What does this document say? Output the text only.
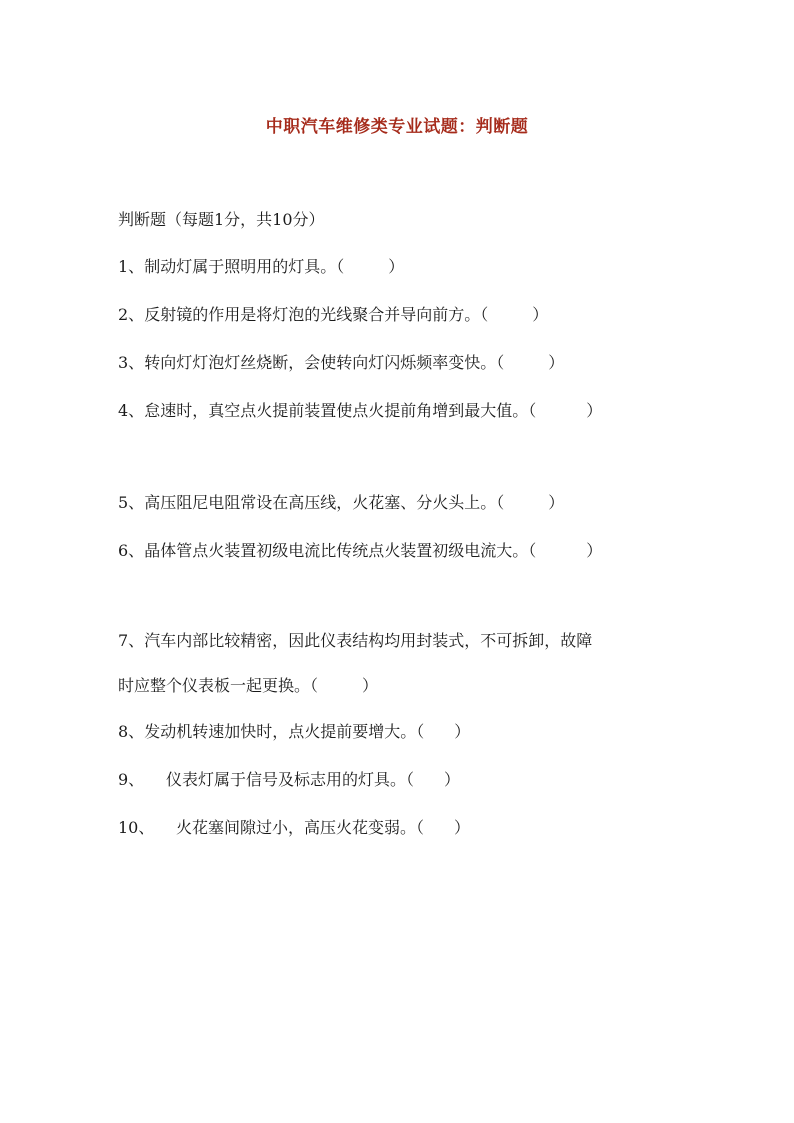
中职汽车维修类专业试题：判断题
判断题（每题1分，共10分）
1、制动灯属于照明用的灯具。（	）
2、反射镜的作用是将灯泡的光线聚合并导向前方。（	）
3、转向灯灯泡灯丝烧断，会使转向灯闪烁频率变快。（	）
4、怠速时，真空点火提前装置使点火提前角增到最大值。（	）
5、高压阻尼电阻常设在高压线，火花塞、分火头上。（	）
6、晶体管点火装置初级电流比传统点火装置初级电流大。（	）
7、汽车内部比较精密，因此仪表结构均用封装式，不可拆卸，故障
时应整个仪表板一起更换。（	）
8、发动机转速加快时，点火提前要增大。（ ）
9、 仪表灯属于信号及标志用的灯具。（ ）
10、 火花塞间隙过小，高压火花变弱。（ ）
